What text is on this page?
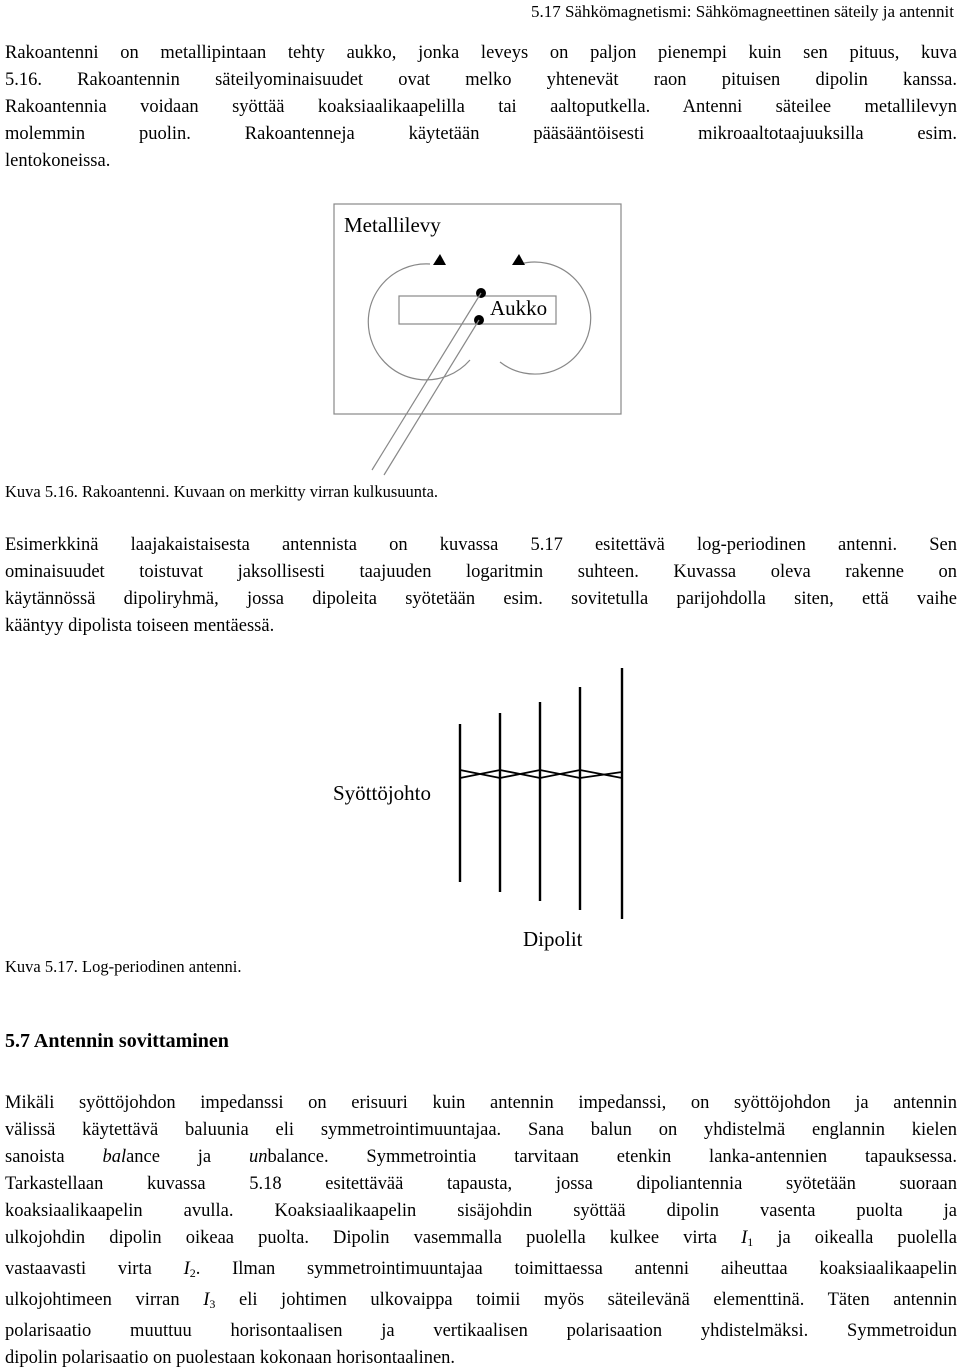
5.17 Sähkömagnetismi: Sähkömagneettinen säteily ja antennit
Rakoantenni on metallipintaan tehty aukko, jonka leveys on paljon pienempi kuin sen pituus, kuva
5.16. Rakoantennin säteilyominaisuudet ovat melko yhtenevät raon pituisen dipolin kanssa.
Rakoantennia voidaan syöttää koaksiaalikaapelilla tai aaltoputkella. Antenni säteilee metallilevyn
molemmin puolin. Rakoantenneja käytetään pääsääntöisesti mikroaaltotaajuuksilla esim.
lentokoneissa.
Metallilevy
Aukko
Kuva 5.16. Rakoantenni. Kuvaan on merkitty virran kulkusuunta.
Esimerkkinä laajakaistaisesta antennista on kuvassa 5.17 esitettävä log-periodinen antenni. Sen
ominaisuudet toistuvat jaksollisesti taajuuden logaritmin suhteen. Kuvassa oleva rakenne on
käytännössä dipoliryhmä, jossa dipoleita syötetään esim. sovitetulla parijohdolla siten, että vaihe
kääntyy dipolista toiseen mentäessä.
Syöttöjohto
Dipolit
Kuva 5.17. Log-periodinen antenni.
5.7 Antennin sovittaminen
Mikäli syöttöjohdon impedanssi on erisuuri kuin antennin impedanssi, on syöttöjohdon ja antennin
välissä käytettävä baluunia eli symmetrointimuuntajaa. Sana balun on yhdistelmä englannin kielen
sanoista balance ja unbalance. Symmetrointia tarvitaan etenkin lanka-antennien tapauksessa.
Tarkastellaan kuvassa 5.18 esitettävää tapausta, jossa dipoliantennia syötetään suoraan
koaksiaalikaapelin avulla. Koaksiaalikaapelin sisäjohdin syöttää dipolin vasenta puolta ja
ulkojohdin dipolin oikeaa puolta. Dipolin vasemmalla puolella kulkee virta $I_1$ ja oikealla puolella
vastaavasti virta $I_2$. Ilman symmetrointimuuntajaa toimittaessa antenni aiheuttaa koaksiaalikaapelin
ulkojohtimeen virran $I_3$ eli johtimen ulkovaippa toimii myös säteilevänä elementtinä. Täten antennin
polarisaatio muuttuu horisontaalisen ja vertikaalisen polarisaation yhdistelmäksi. Symmetroidun
dipolin polarisaatio on puolestaan kokonaan horisontaalinen.
